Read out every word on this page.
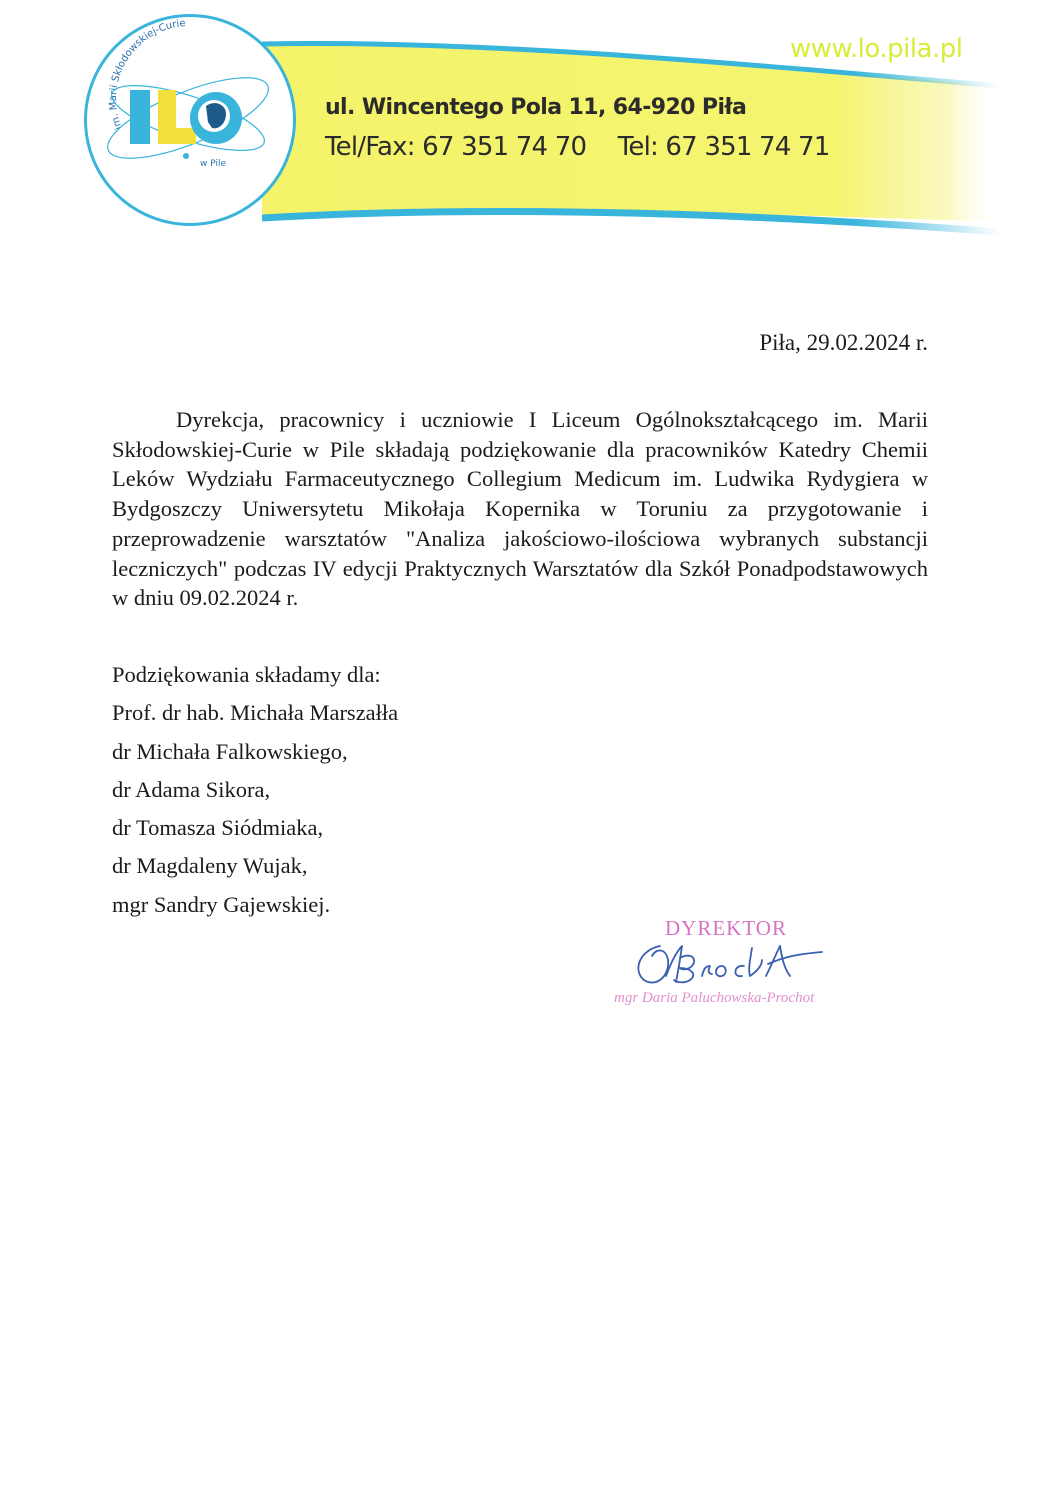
im. Marii Skłodowskiej-Curie
w Pile
www.lo.pila.pl
ul. Wincentego Pola 11, 64-920 Piła
Tel/Fax: 67 351 74 70 Tel: 67 351 74 71
Piła, 29.02.2024 r.

Dyrekcja, pracownicy i uczniowie I Liceum Ogólnokształcącego im. Marii Skłodowskiej-Curie w Pile składają podziękowanie dla pracowników Katedry Chemii Leków Wydziału Farmaceutycznego Collegium Medicum im. Ludwika Rydygiera w Bydgoszczy Uniwersytetu Mikołaja Kopernika w Toruniu za przygotowanie i przeprowadzenie warsztatów "Analiza jakościowo-ilościowa wybranych substancji leczniczych" podczas IV edycji Praktycznych Warsztatów dla Szkół Ponadpodstawowych w dniu 09.02.2024 r.

Podziękowania składamy dla:
Prof. dr hab. Michała Marszałła
dr Michała Falkowskiego,
dr Adama Sikora,
dr Tomasza Siódmiaka,
dr Magdaleny Wujak,
mgr Sandry Gajewskiej.
DYREKTOR
mgr Daria Paluchowska-Prochot
